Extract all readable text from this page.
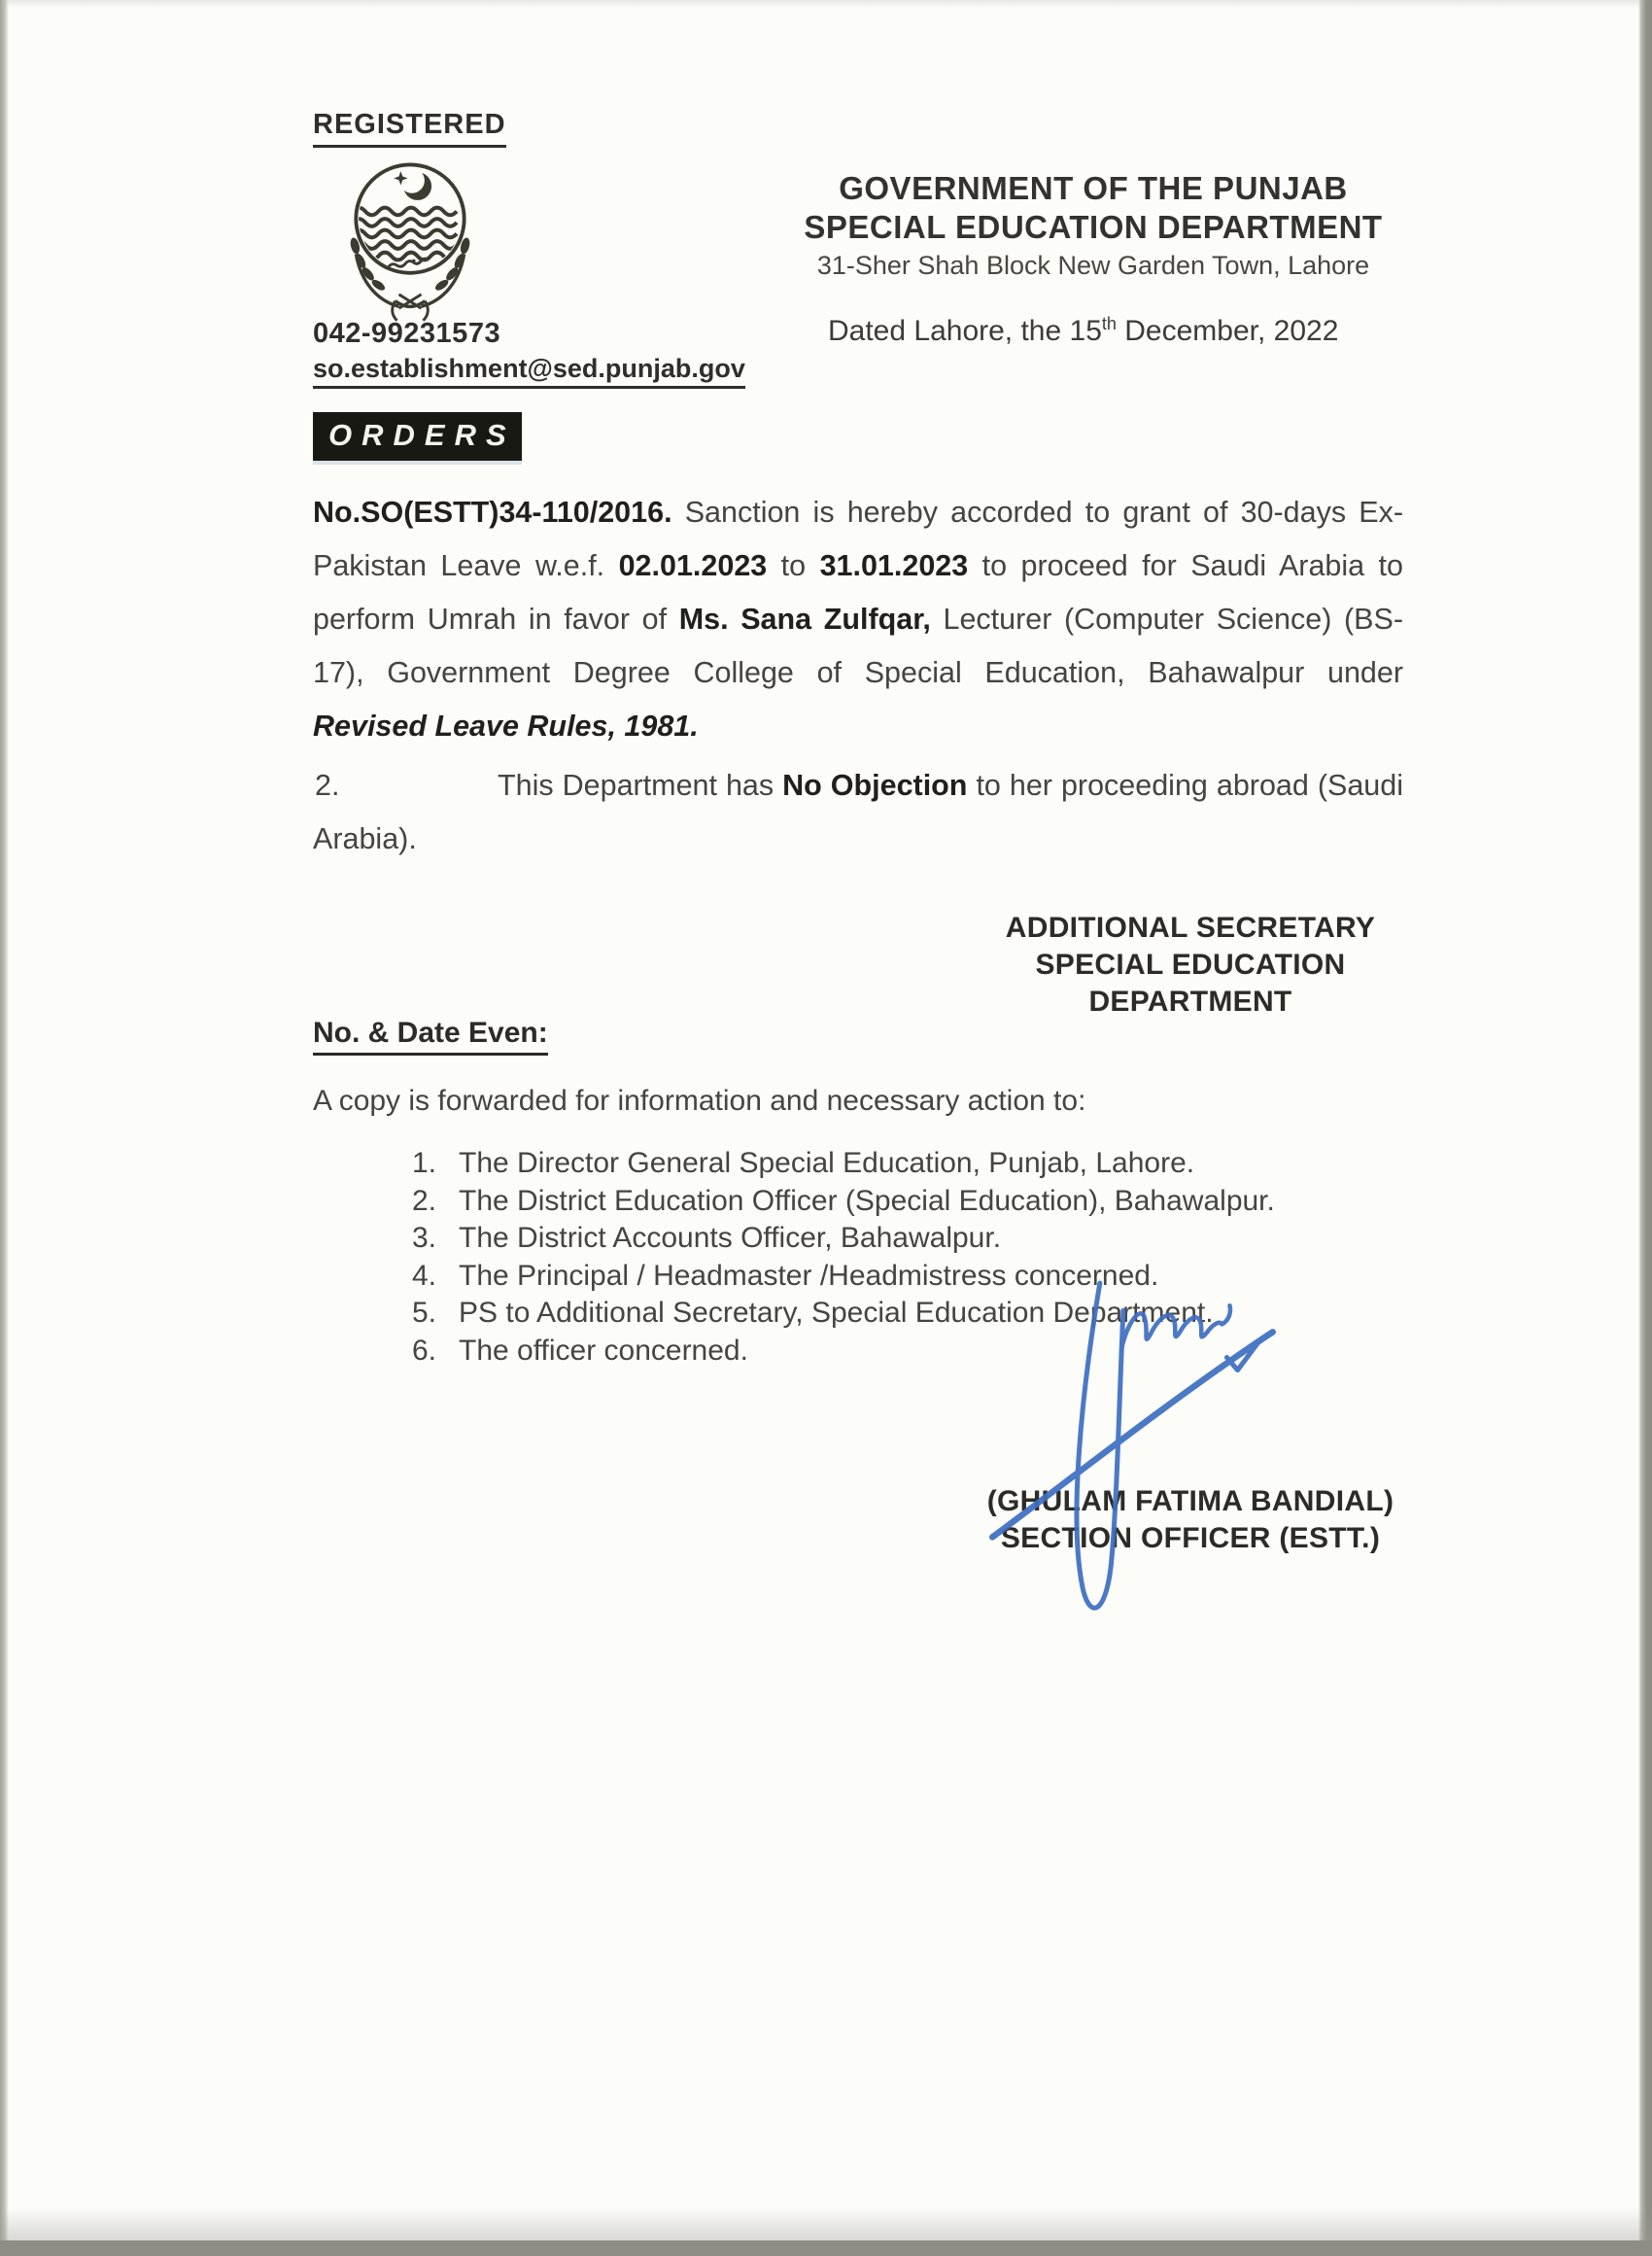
REGISTERED
GOVERNMENT OF THE PUNJAB
SPECIAL EDUCATION DEPARTMENT
31-Sher Shah Block New Garden Town, Lahore
042-99231573
so.establishment@sed.punjab.gov
Dated Lahore, the 15th December, 2022
ORDERS
No.SO(ESTT)34-110/2016. Sanction is hereby accorded to grant of 30-days Ex-Pakistan Leave w.e.f. 02.01.2023 to 31.01.2023 to proceed for Saudi Arabia to perform Umrah in favor of Ms. Sana Zulfqar, Lecturer (Computer Science) (BS-17), Government Degree College of Special Education, Bahawalpur under Revised Leave Rules, 1981.
2.	This Department has No Objection to her proceeding abroad (Saudi Arabia).
ADDITIONAL SECRETARY
SPECIAL EDUCATION
DEPARTMENT
No. & Date Even:
A copy is forwarded for information and necessary action to:
1. The Director General Special Education, Punjab, Lahore.
2. The District Education Officer (Special Education), Bahawalpur.
3. The District Accounts Officer, Bahawalpur.
4. The Principal / Headmaster /Headmistress concerned.
5. PS to Additional Secretary, Special Education Department.
6. The officer concerned.
(GHULAM FATIMA BANDIAL)
SECTION OFFICER (ESTT.)
